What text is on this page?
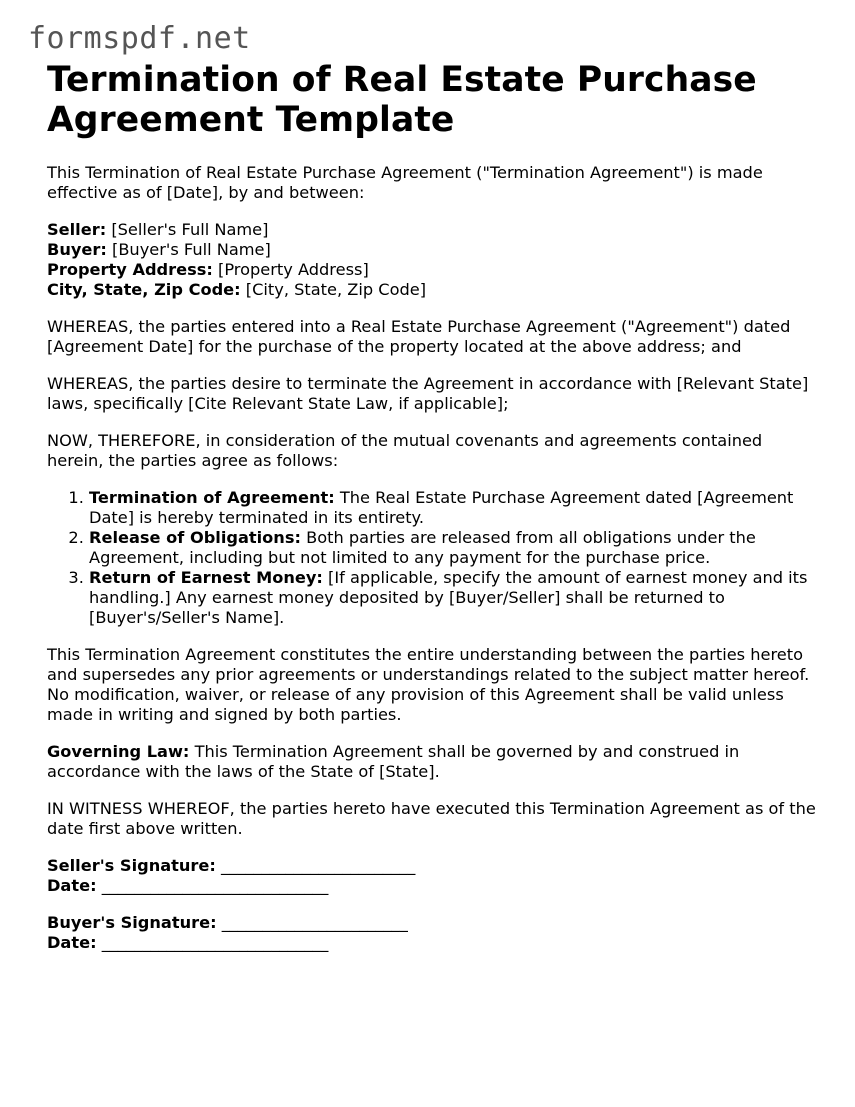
formspdf.net
Termination of Real Estate Purchase
Agreement Template

This Termination of Real Estate Purchase Agreement ("Termination Agreement") is made effective as of [Date], by and between:

Seller: [Seller's Full Name]
Buyer: [Buyer's Full Name]
Property Address: [Property Address]
City, State, Zip Code: [City, State, Zip Code]

WHEREAS, the parties entered into a Real Estate Purchase Agreement ("Agreement") dated [Agreement Date] for the purchase of the property located at the above address; and

WHEREAS, the parties desire to terminate the Agreement in accordance with [Relevant State] laws, specifically [Cite Relevant State Law, if applicable];

NOW, THEREFORE, in consideration of the mutual covenants and agreements contained herein, the parties agree as follows:

1. Termination of Agreement: The Real Estate Purchase Agreement dated [Agreement Date] is hereby terminated in its entirety.
2. Release of Obligations: Both parties are released from all obligations under the Agreement, including but not limited to any payment for the purchase price.
3. Return of Earnest Money: [If applicable, specify the amount of earnest money and its handling.] Any earnest money deposited by [Buyer/Seller] shall be returned to [Buyer's/Seller's Name].

This Termination Agreement constitutes the entire understanding between the parties hereto and supersedes any prior agreements or understandings related to the subject matter hereof. No modification, waiver, or release of any provision of this Agreement shall be valid unless made in writing and signed by both parties.

Governing Law: This Termination Agreement shall be governed by and construed in accordance with the laws of the State of [State].

IN WITNESS WHEREOF, the parties hereto have executed this Termination Agreement as of the date first above written.

Seller's Signature: ________________________
Date: ____________________________
Buyer's Signature: _______________________
Date: ____________________________
